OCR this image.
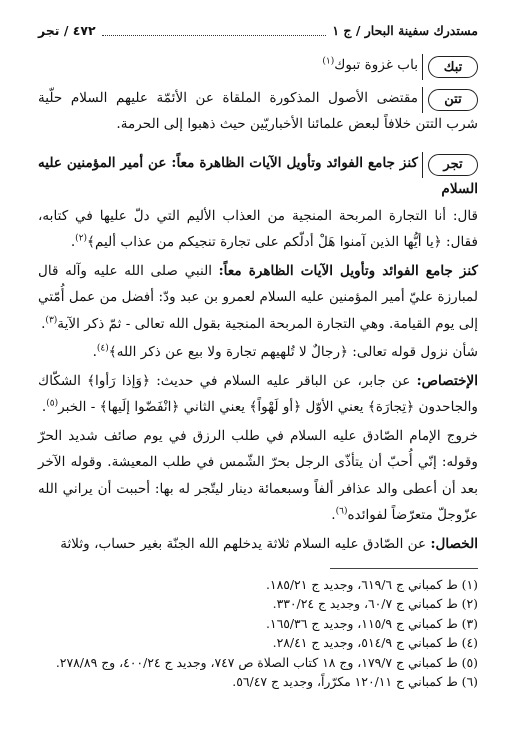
مستدرك سفينة البحار / ج ١
٤٧٢ / تجر
تبك
باب غزوة تبوك$^{(١)}$
تتن
مقتضى الأصول المذكورة الملقاة عن الأئمّة عليهم السلام حلّية شرب التتن خلافاً لبعض علمائنا الأخباريّين حيث ذهبوا إلى الحرمة.
تجر
كنز جامع الفوائد وتأويل الآيات الظاهرة معاً: عن أمير المؤمنين عليه السلام
قال: أنا التجارة المربحة المنجية من العذاب الأليم التي دلّ عليها في كتابه، فقال: ﴿يا أيُّها الذين آمنوا هَلْ أدلّكم على تجارة تنجيكم من عذاب أليم﴾$^{(٢)}$.
كنز جامع الفوائد وتأويل الآيات الظاهرة معاً: النبي صلى الله عليه وآله قال لمبارزة عليّ أمير المؤمنين عليه السلام لعمرو بن عبد ودّ: أفضل من عمل أُمّتي إلى يوم القيامة. وهي التجارة المربحة المنجية بقول الله تعالى - ثمّ ذكر الآية$^{(٣)}$.
شأن نزول قوله تعالى: ﴿رجالٌ لا تُلهيهم تجارة ولا بيع عن ذكر الله﴾$^{(٤)}$.
الإختصاص: عن جابر، عن الباقر عليه السلام في حديث: ﴿وَإذا رَأوا﴾ الشكّاك والجاحدون ﴿تِجارَة﴾ يعني الأوّل ﴿أو لَهْواً﴾ يعني الثاني ﴿انْفَضّوا إلَيها﴾ - الخبر$^{(٥)}$.
خروج الإمام الصّادق عليه السلام في طلب الرزق في يوم صائف شديد الحرّ وقوله: إنّي أُحبّ أن يتأذّى الرجل بحرّ الشّمس في طلب المعيشة. وقوله الآخر بعد أن أعطى والد عذافر ألفاً وسبعمائة دينار ليتّجر له بها: أحببت أن يراني الله عزّوجلّ متعرّضاً لفوائده$^{(٦)}$.
الخصال: عن الصّادق عليه السلام ثلاثة يدخلهم الله الجنّة بغير حساب، وثلاثة
(١) ط كمباني ج ٦١٩/٦، وجديد ج ١٨٥/٢١.
(٢) ط كمباني ج ٦٠/٧، وجديد ج ٣٣٠/٢٤.
(٣) ط كمباني ج ١١٥/٩، وجديد ج ١٦٥/٣٦.
(٤) ط كمباني ج ٥١٤/٩، وجديد ج ٢٨/٤١.
(٥) ط كمباني ج ١٧٩/٧، وج ١٨ كتاب الصلاة ص ٧٤٧، وجديد ج ٤٠٠/٢٤، وج ٢٧٨/٨٩.
(٦) ط كمباني ج ١٢٠/١١ مكرّراً، وجديد ج ٥٦/٤٧.
